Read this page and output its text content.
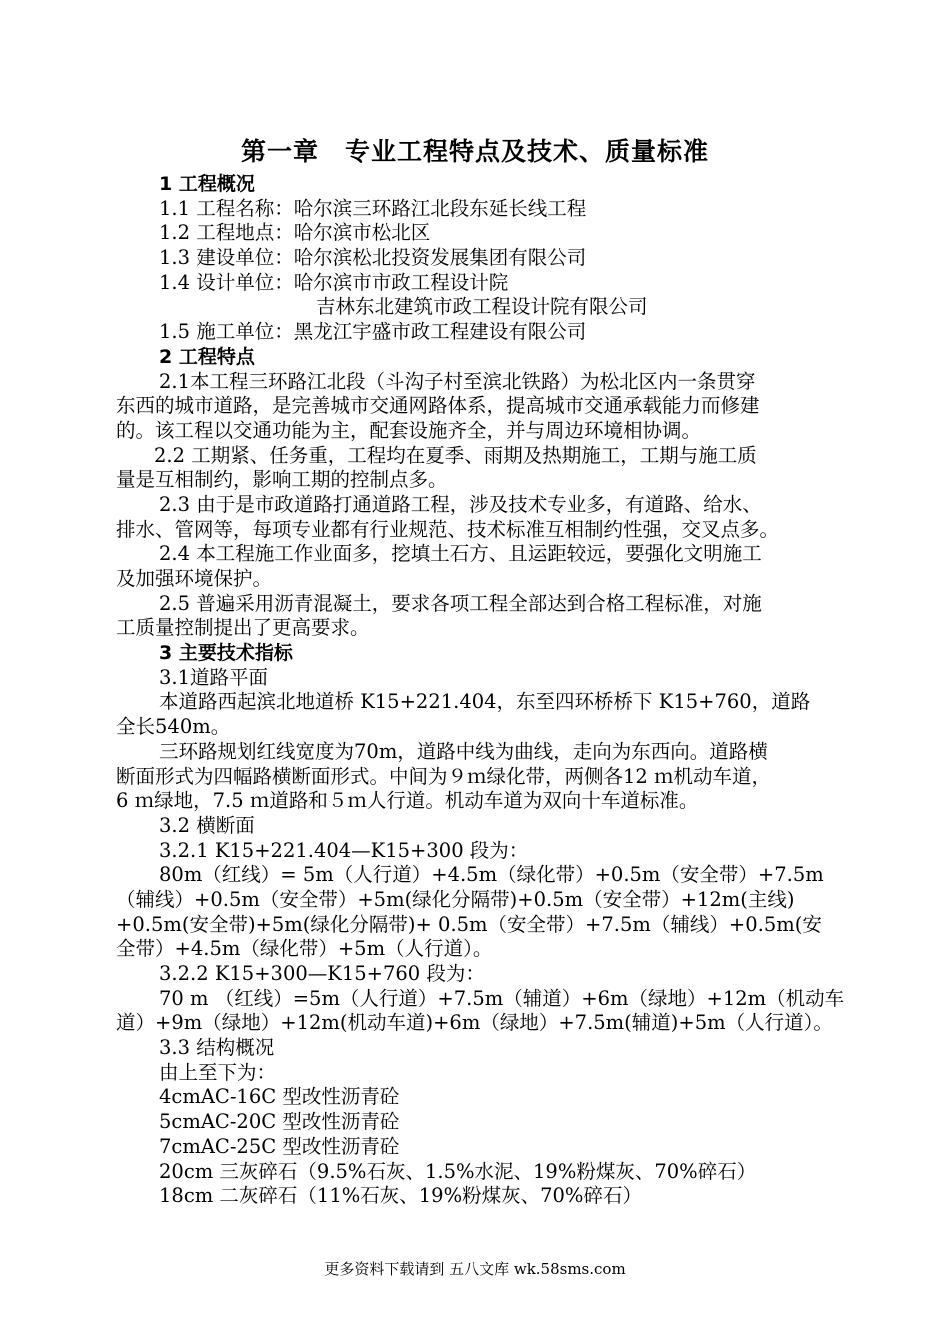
第一章　专业工程特点及技术、质量标准
1 工程概况
1.1 工程名称：哈尔滨三环路江北段东延长线工程
1.2 工程地点：哈尔滨市松北区
1.3 建设单位：哈尔滨松北投资发展集团有限公司
1.4 设计单位：哈尔滨市市政工程设计院
吉林东北建筑市政工程设计院有限公司
1.5 施工单位：黑龙江宇盛市政工程建设有限公司
2 工程特点
2.1本工程三环路江北段（斗沟子村至滨北铁路）为松北区内一条贯穿
东西的城市道路，是完善城市交通网路体系，提高城市交通承载能力而修建
的。该工程以交通功能为主，配套设施齐全，并与周边环境相协调。
2.2 工期紧、任务重，工程均在夏季、雨期及热期施工，工期与施工质
量是互相制约，影响工期的控制点多。
2.3 由于是市政道路打通道路工程，涉及技术专业多，有道路、给水、
排水、管网等，每项专业都有行业规范、技术标准互相制约性强，交叉点多。
2.4 本工程施工作业面多，挖填土石方、且运距较远，要强化文明施工
及加强环境保护。
2.5 普遍采用沥青混凝土，要求各项工程全部达到合格工程标准，对施
工质量控制提出了更高要求。
3 主要技术指标
3.1道路平面
本道路西起滨北地道桥 K15+221.404，东至四环桥桥下 K15+760，道路
全长540m。
三环路规划红线宽度为70m，道路中线为曲线，走向为东西向。道路横
断面形式为四幅路横断面形式。中间为９ｍ绿化带，两侧各12 ｍ机动车道，
6 ｍ绿地，7.5 ｍ道路和５ｍ人行道。机动车道为双向十车道标准。
3.2 横断面
3.2.1 K15+221.404—K15+300 段为：
80m（红线）= 5m（人行道）+4.5m（绿化带）+0.5m（安全带）+7.5m
（辅线）+0.5m（安全带）+5m(绿化分隔带)+0.5m（安全带）+12m(主线)
+0.5m(安全带)+5m(绿化分隔带)+ 0.5m（安全带）+7.5m（辅线）+0.5m(安
全带）+4.5m（绿化带）+5m（人行道）。
3.2.2 K15+300—K15+760 段为：
70 m （红线）=5m（人行道）+7.5m（辅道）+6m（绿地）+12m（机动车
道）+9m（绿地）+12m(机动车道)+6m（绿地）+7.5m(辅道)+5m（人行道）。
3.3 结构概况
由上至下为：
4cmAC-16C 型改性沥青砼
5cmAC-20C 型改性沥青砼
7cmAC-25C 型改性沥青砼
20cm 三灰碎石（9.5%石灰、1.5%水泥、19%粉煤灰、70%碎石）
18cm 二灰碎石（11%石灰、19%粉煤灰、70%碎石）
更多资料下载请到 五八文库 wk.58sms.com
